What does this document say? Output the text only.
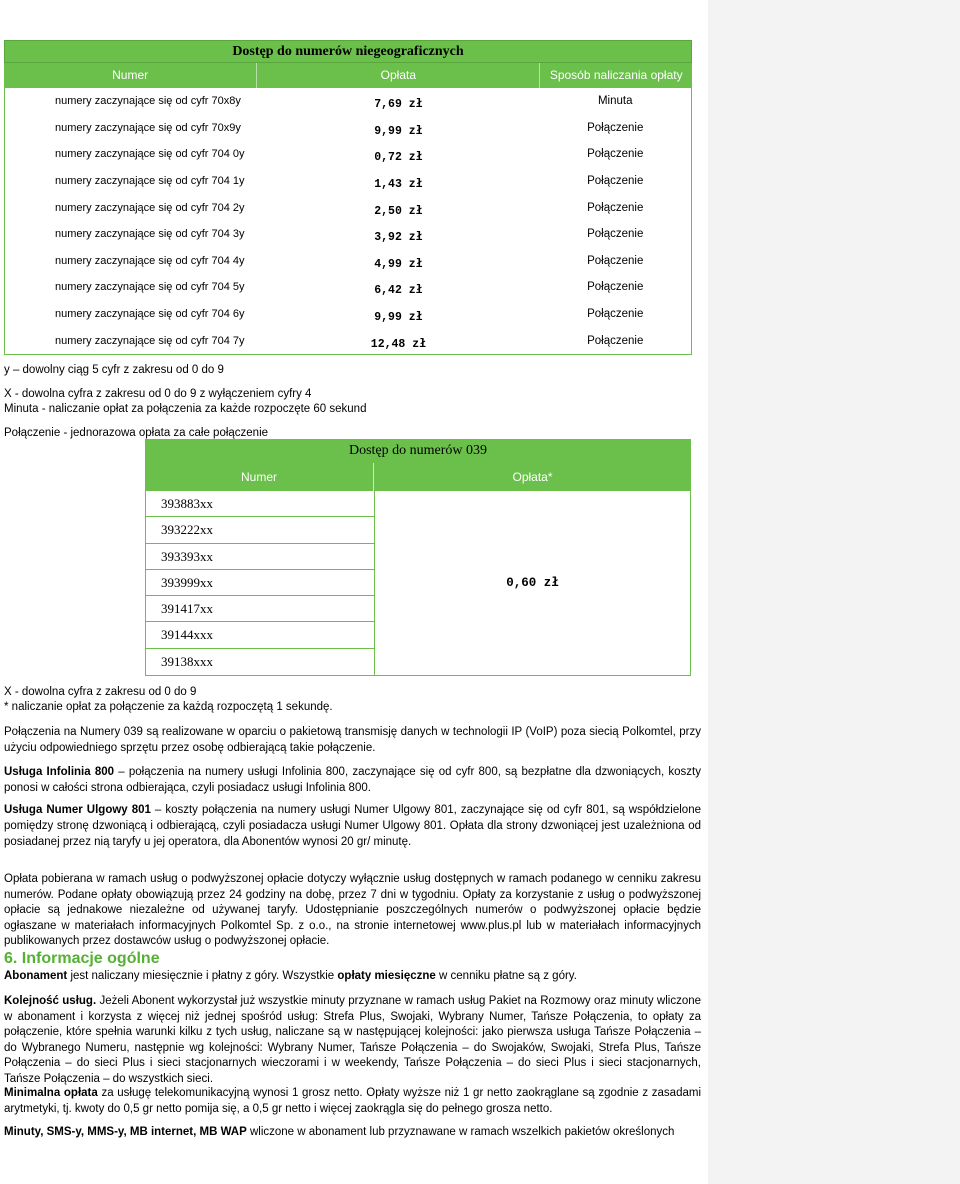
Dostęp do numerów niegeograficznych
Numer	Opłata	Sposób naliczania opłaty
numery zaczynające się od cyfr 70x8y	7,69 zł	Minuta
numery zaczynające się od cyfr 70x9y	9,99 zł	Połączenie
numery zaczynające się od cyfr 704 0y	0,72 zł	Połączenie
numery zaczynające się od cyfr 704 1y	1,43 zł	Połączenie
numery zaczynające się od cyfr 704 2y	2,50 zł	Połączenie
numery zaczynające się od cyfr 704 3y	3,92 zł	Połączenie
numery zaczynające się od cyfr 704 4y	4,99 zł	Połączenie
numery zaczynające się od cyfr 704 5y	6,42 zł	Połączenie
numery zaczynające się od cyfr 704 6y	9,99 zł	Połączenie
numery zaczynające się od cyfr 704 7y	12,48 zł	Połączenie
y – dowolny ciąg 5 cyfr z zakresu od 0 do 9
X - dowolna cyfra z zakresu od 0 do 9 z wyłączeniem cyfry 4
Minuta - naliczanie opłat za połączenia za każde rozpoczęte 60 sekund
Połączenie - jednorazowa opłata za całe połączenie
Dostęp do numerów 039
Numer	Opłata*
393883xx
393222xx
393393xx
393999xx
391417xx
39144xxx
39138xxx
0,60 zł
X - dowolna cyfra z zakresu od 0 do 9
* naliczanie opłat za połączenie za każdą rozpoczętą 1 sekundę.
Połączenia na Numery 039 są realizowane w oparciu o pakietową transmisję danych w technologii IP (VoIP) poza siecią Polkomtel, przy użyciu odpowiedniego sprzętu przez osobę odbierającą takie połączenie.
Usługa Infolinia 800 – połączenia na numery usługi Infolinia 800, zaczynające się od cyfr 800, są bezpłatne dla dzwoniących, koszty ponosi w całości strona odbierająca, czyli posiadacz usługi Infolinia 800.
Usługa Numer Ulgowy 801 – koszty połączenia na numery usługi Numer Ulgowy 801, zaczynające się od cyfr 801, są współdzielone pomiędzy stronę dzwoniącą i odbierającą, czyli posiadacza usługi Numer Ulgowy 801. Opłata dla strony dzwoniącej jest uzależniona od posiadanej przez nią taryfy u jej operatora, dla Abonentów wynosi 20 gr/ minutę.
Opłata pobierana w ramach usług o podwyższonej opłacie dotyczy wyłącznie usług dostępnych w ramach podanego w cenniku zakresu numerów. Podane opłaty obowiązują przez 24 godziny na dobę, przez 7 dni w tygodniu. Opłaty za korzystanie z usług o podwyższonej opłacie są jednakowe niezależne od używanej taryfy. Udostępnianie poszczególnych numerów o podwyższonej opłacie będzie ogłaszane w materiałach informacyjnych Polkomtel Sp. z o.o., na stronie internetowej www.plus.pl lub w materiałach informacyjnych publikowanych przez dostawców usług o podwyższonej opłacie.
6. Informacje ogólne
Abonament jest naliczany miesięcznie i płatny z góry. Wszystkie opłaty miesięczne w cenniku płatne są z góry.
Kolejność usług. Jeżeli Abonent wykorzystał już wszystkie minuty przyznane w ramach usług Pakiet na Rozmowy oraz minuty wliczone w abonament i korzysta z więcej niż jednej spośród usług: Strefa Plus, Swojaki, Wybrany Numer, Tańsze Połączenia, to opłaty za połączenie, które spełnia warunki kilku z tych usług, naliczane są w następującej kolejności: jako pierwsza usługa Tańsze Połączenia – do Wybranego Numeru, następnie wg kolejności: Wybrany Numer, Tańsze Połączenia – do Swojaków, Swojaki, Strefa Plus, Tańsze Połączenia – do sieci Plus i sieci stacjonarnych wieczorami i w weekendy, Tańsze Połączenia – do sieci Plus i sieci stacjonarnych, Tańsze Połączenia – do wszystkich sieci.
Minimalna opłata za usługę telekomunikacyjną wynosi 1 grosz netto. Opłaty wyższe niż 1 gr netto zaokrąglane są zgodnie z zasadami arytmetyki, tj. kwoty do 0,5 gr netto pomija się, a 0,5 gr netto i więcej zaokrągla się do pełnego grosza netto.
Minuty, SMS-y, MMS-y, MB internet, MB WAP wliczone w abonament lub przyznawane w ramach wszelkich pakietów określonych
